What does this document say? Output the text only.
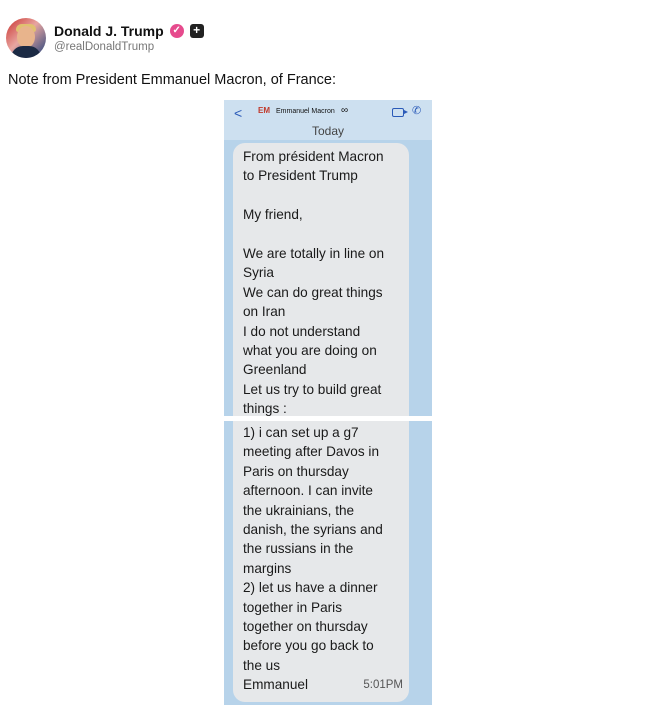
Donald J. Trump ✓ +
@realDonaldTrump
Note from President Emmanuel Macron, of France:
< EM Emmanuel Macron ∞	✆
Today
From président Macron
to President Trump
My friend,
We are totally in line on
Syria
We can do great things
on Iran
I do not understand
what you are doing on
Greenland
Let us try to build great
things :
5:01PM
1) i can set up a g7
meeting after Davos in
Paris on thursday
afternoon. I can invite
the ukrainians, the
danish, the syrians and
the russians in the
margins
2) let us have a dinner
together in Paris
together on thursday
before you go back to
the us
Emmanuel
